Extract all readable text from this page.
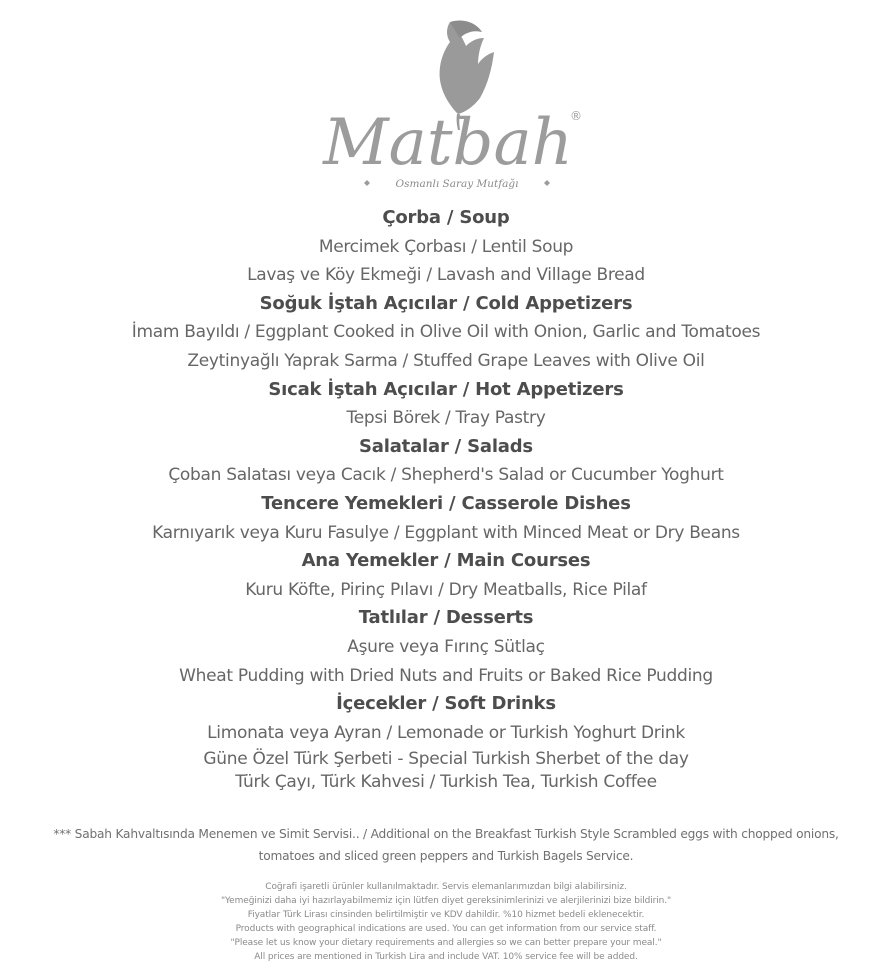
Matbah
®
Osmanlı Saray Mutfağı
Çorba / Soup
Mercimek Çorbası / Lentil Soup
Lavaş ve Köy Ekmeği / Lavash and Village Bread
Soğuk İştah Açıcılar / Cold Appetizers
İmam Bayıldı / Eggplant Cooked in Olive Oil with Onion, Garlic and Tomatoes
Zeytinyağlı Yaprak Sarma / Stuffed Grape Leaves with Olive Oil
Sıcak İştah Açıcılar / Hot Appetizers
Tepsi Börek / Tray Pastry
Salatalar / Salads
Çoban Salatası veya Cacık / Shepherd's Salad or Cucumber Yoghurt
Tencere Yemekleri / Casserole Dishes
Karnıyarık veya Kuru Fasulye / Eggplant with Minced Meat or Dry Beans
Ana Yemekler / Main Courses
Kuru Köfte, Pirinç Pılavı / Dry Meatballs, Rice Pilaf
Tatlılar / Desserts
Aşure veya Fırınç Sütlaç
Wheat Pudding with Dried Nuts and Fruits or Baked Rice Pudding
İçecekler / Soft Drinks
Limonata veya Ayran / Lemonade or Turkish Yoghurt Drink
Güne Özel Türk Şerbeti - Special Turkish Sherbet of the day
Türk Çayı, Türk Kahvesi / Turkish Tea, Turkish Coffee
*** Sabah Kahvaltısında Menemen ve Simit Servisi.. / Additional on the Breakfast Turkish Style Scrambled eggs with chopped onions,
tomatoes and sliced green peppers and Turkish Bagels Service.
Coğrafi işaretli ürünler kullanılmaktadır. Servis elemanlarımızdan bilgi alabilirsiniz.
"Yemeğinizi daha iyi hazırlayabilmemiz için lütfen diyet gereksinimlerinizi ve alerjilerinizi bize bildirin."
Fiyatlar Türk Lirası cinsinden belirtilmiştir ve KDV dahildir. %10 hizmet bedeli eklenecektir.
Products with geographical indications are used. You can get information from our service staff.
"Please let us know your dietary requirements and allergies so we can better prepare your meal."
All prices are mentioned in Turkish Lira and include VAT. 10% service fee will be added.
